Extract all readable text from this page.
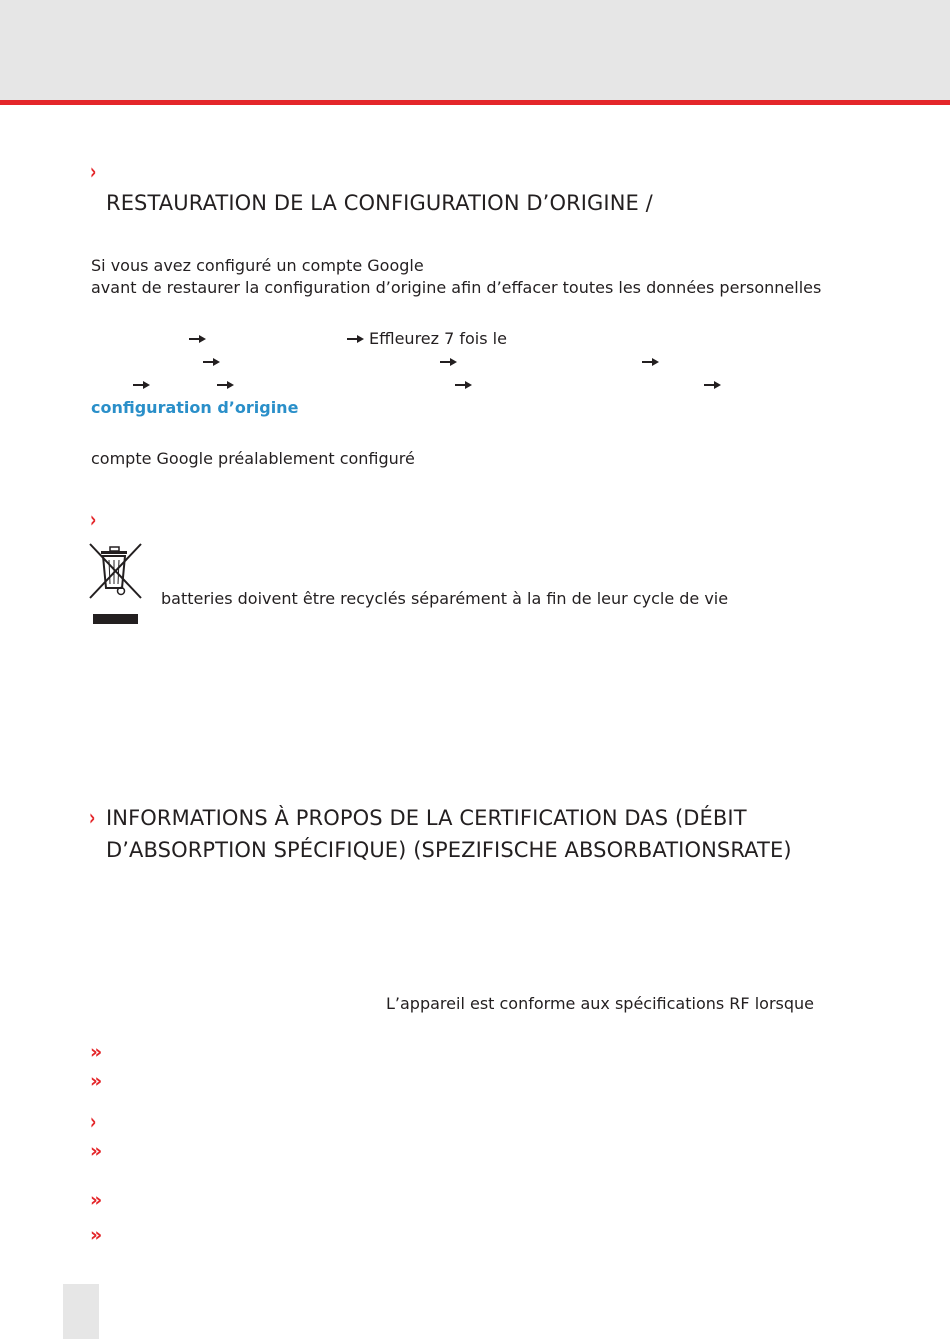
›
RESTAURATION DE LA CONFIGURATION D’ORIGINE /
Si vous avez configuré un compte Google
avant de restaurer la configuration d’origine afin d’effacer toutes les données personnelles
Effleurez 7 fois le
configuration d’origine
compte Google préalablement configuré
›
batteries doivent être recyclés séparément à la fin de leur cycle de vie
› INFORMATIONS À PROPOS DE LA CERTIFICATION DAS (DÉBIT
D’ABSORPTION SPÉCIFIQUE) (SPEZIFISCHE ABSORBATIONSRATE)
L’appareil est conforme aux spécifications RF lorsque
»
»
›
»
»
»
